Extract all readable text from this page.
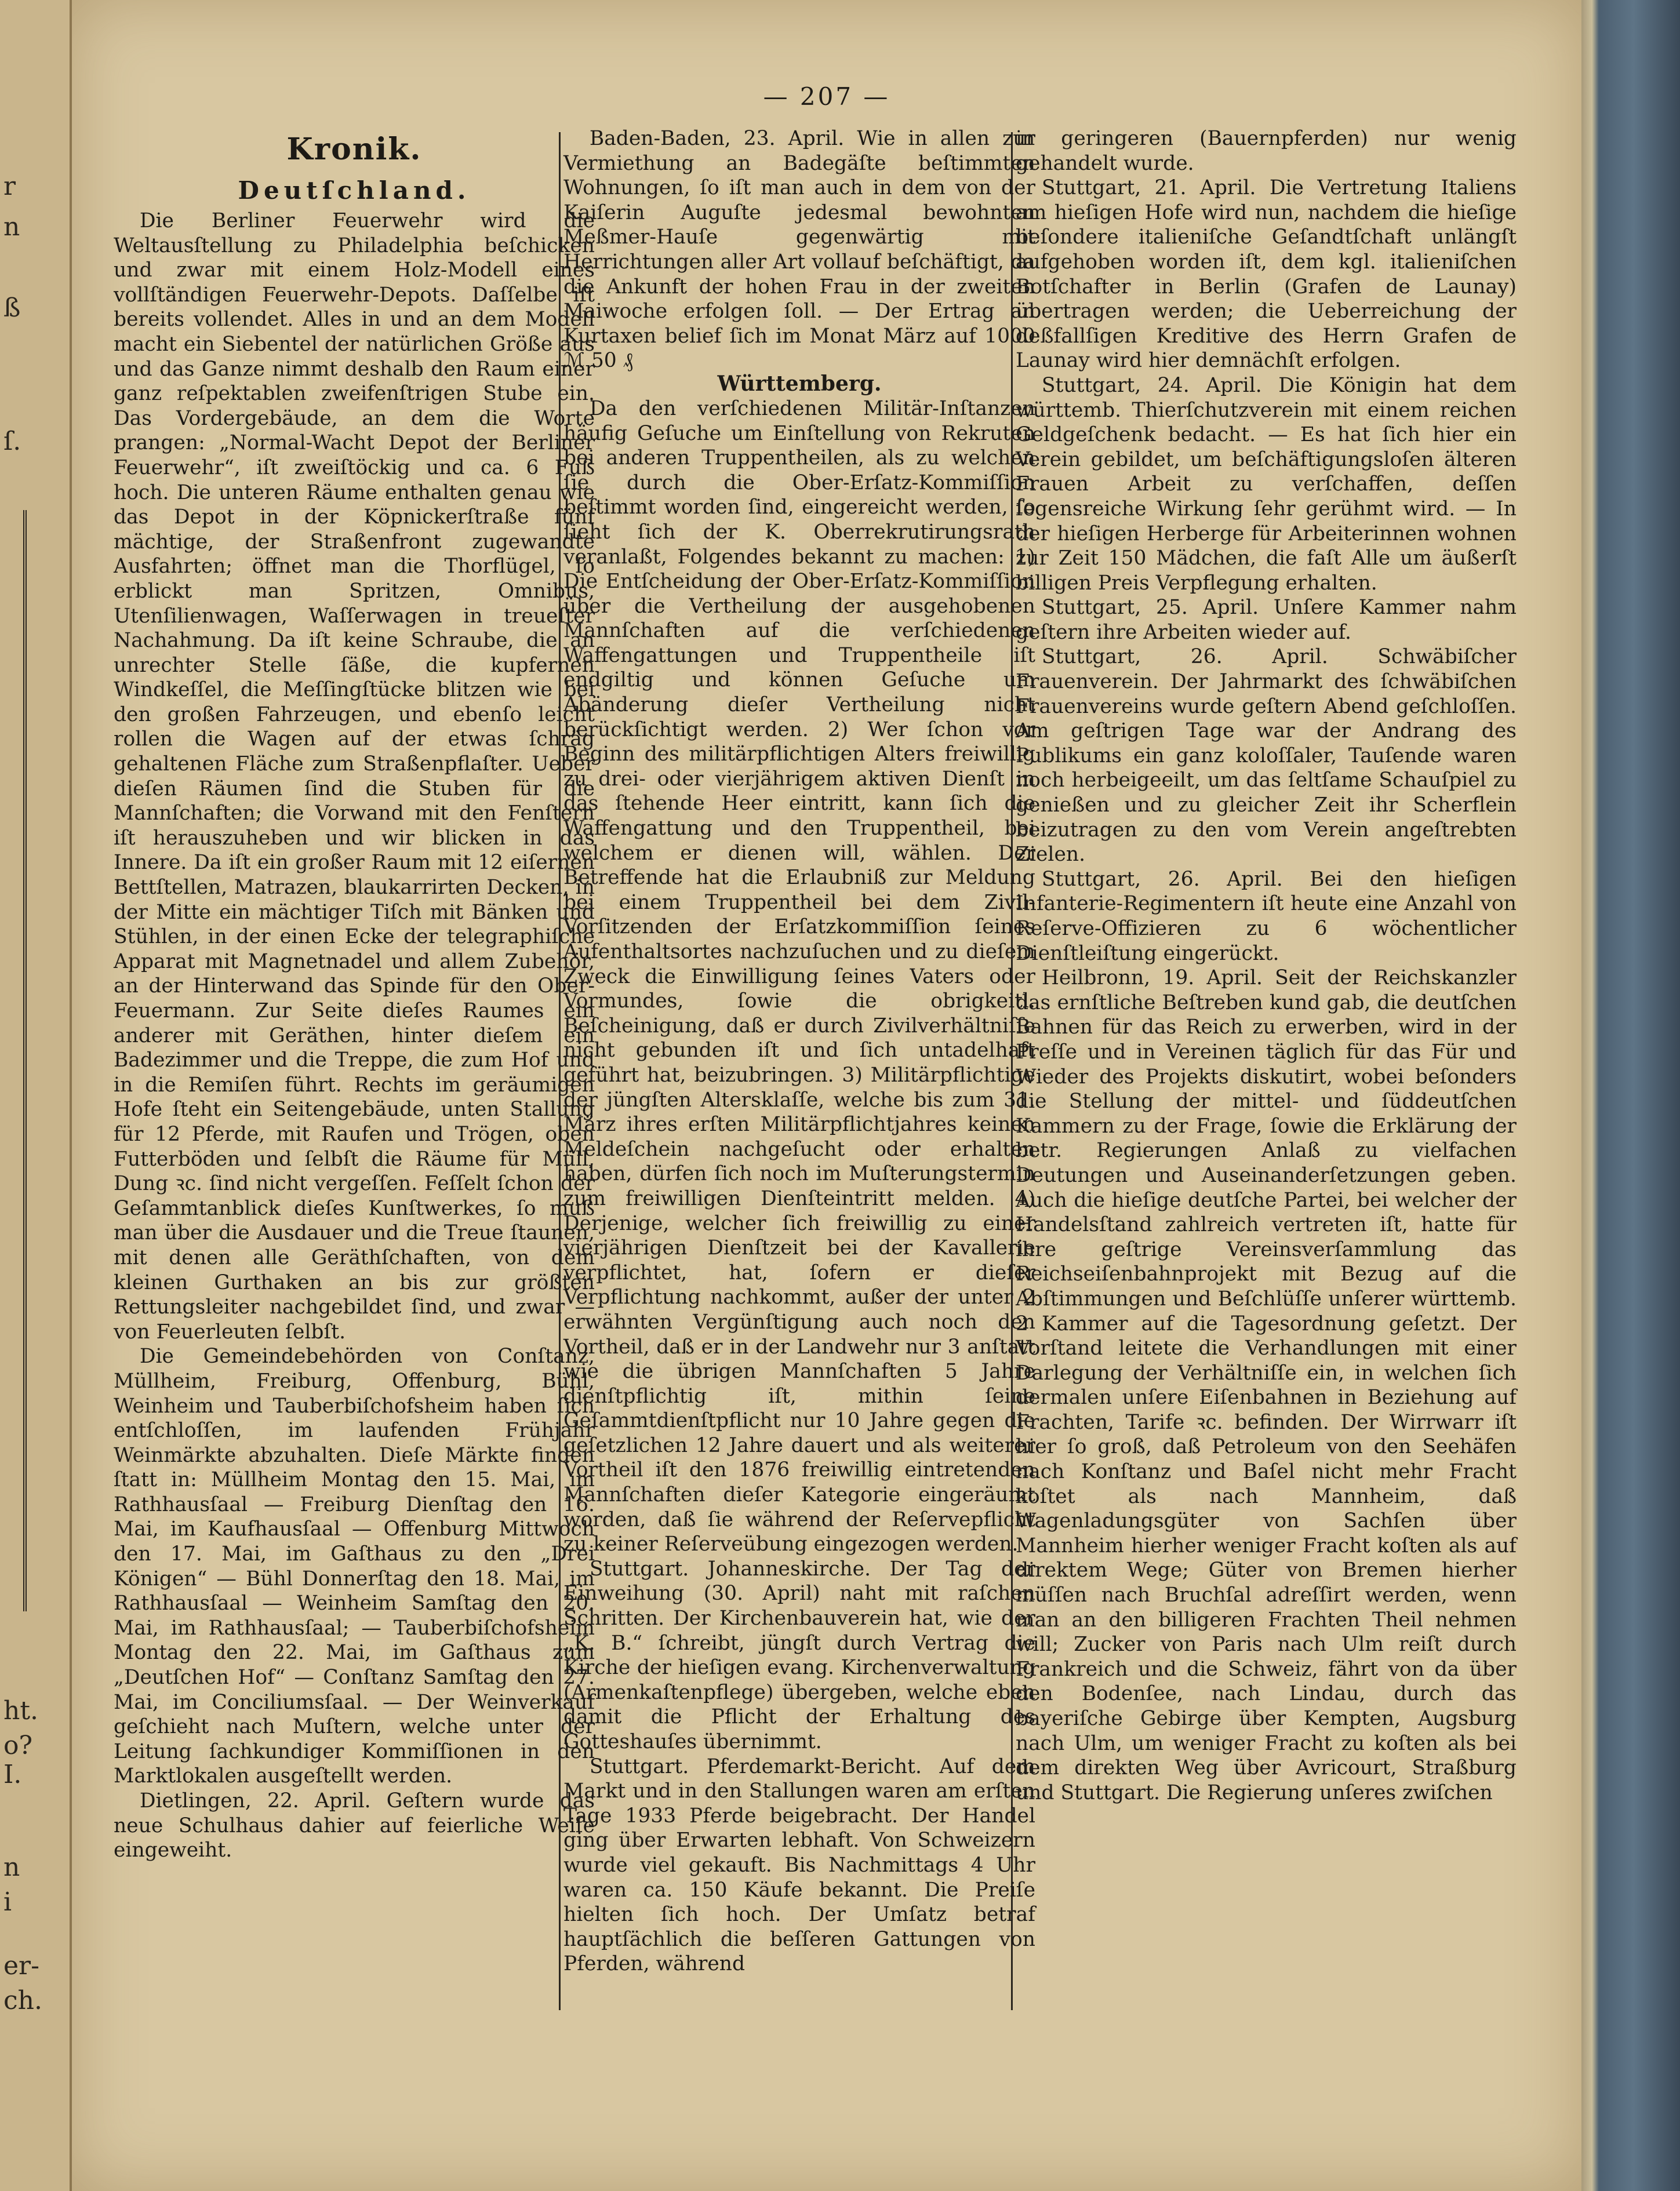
r
n
ß
ſ.
o?
ht.
I.
n
i
er-
ch.
— 207 —
Kronik.
Deutſchland.

Die Berliner Feuerwehr wird die Weltausſtellung zu Philadelphia beſchicken und zwar mit einem Holz-Modell eines vollſtändigen Feuerwehr-Depots. Daſſelbe iſt bereits vollendet. Alles in und an dem Modell macht ein Siebentel der natürlichen Größe aus und das Ganze nimmt deshalb den Raum einer ganz reſpektablen zweifenſtrigen Stube ein. Das Vordergebäude, an dem die Worte prangen: „Normal-Wacht Depot der Berliner Feuerwehr“, iſt zweiſtöckig und ca. 6 Fuß hoch. Die unteren Räume enthalten genau wie das Depot in der Köpnickerſtraße fünf mächtige, der Straßenfront zugewandte Ausfahrten; öffnet man die Thorflügel, ſo erblickt man Spritzen, Omnibus, Utenſilienwagen, Waſſerwagen in treueſter Nachahmung. Da iſt keine Schraube, die an unrechter Stelle ſäße, die kupfernen Windkeſſel, die Meſſingſtücke blitzen wie bei den großen Fahrzeugen, und ebenſo leicht rollen die Wagen auf der etwas ſchräg gehaltenen Fläche zum Straßenpflaſter. Ueber dieſen Räumen ſind die Stuben für die Mannſchaften; die Vorwand mit den Fenſtern iſt herauszuheben und wir blicken in das Innere. Da iſt ein großer Raum mit 12 eiſernen Bettſtellen, Matrazen, blaukarrirten Decken, in der Mitte ein mächtiger Tiſch mit Bänken und Stühlen, in der einen Ecke der telegraphiſche Apparat mit Magnetnadel und allem Zubehör, an der Hinterwand das Spinde für den Ober-Feuermann. Zur Seite dieſes Raumes ein anderer mit Geräthen, hinter dieſem ein Badezimmer und die Treppe, die zum Hof und in die Remiſen führt. Rechts im geräumigen Hofe ſteht ein Seitengebäude, unten Stallung für 12 Pferde, mit Raufen und Trögen, oben Futterböden und ſelbſt die Räume für Müll, Dung ꝛc. ſind nicht vergeſſen. Feſſelt ſchon der Geſammtanblick dieſes Kunſtwerkes, ſo muß man über die Ausdauer und die Treue ſtaunen, mit denen alle Geräthſchaften, von dem kleinen Gurthaken an bis zur größten Rettungsleiter nachgebildet ſind, und zwar — von Feuerleuten ſelbſt.

Die Gemeindebehörden von Conſtanz, Müllheim, Freiburg, Offenburg, Bühl, Weinheim und Tauberbiſchofsheim haben ſich entſchloſſen, im laufenden Frühjahr Weinmärkte abzuhalten. Dieſe Märkte finden ſtatt in: Müllheim Montag den 15. Mai, im Rathhausſaal — Freiburg Dienſtag den 16. Mai, im Kaufhausſaal — Offenburg Mittwoch den 17. Mai, im Gaſthaus zu den „Drei Königen“ — Bühl Donnerſtag den 18. Mai, im Rathhausſaal — Weinheim Samſtag den 20. Mai, im Rathhausſaal; — Tauberbiſchofsheim Montag den 22. Mai, im Gaſthaus zum „Deutſchen Hof“ — Conſtanz Samſtag den 27. Mai, im Conciliumsſaal. — Der Weinverkauf geſchieht nach Muſtern, welche unter der Leitung ſachkundiger Kommiſſionen in den Marktlokalen ausgeſtellt werden.

Dietlingen, 22. April. Geſtern wurde das neue Schulhaus dahier auf feierliche Weiſe eingeweiht.

Baden-Baden, 23. April. Wie in allen zur Vermiethung an Badegäſte beſtimmten Wohnungen, ſo iſt man auch in dem von der Kaiſerin Auguſte jedesmal bewohnten Meßmer-Hauſe gegenwärtig mit Herrichtungen aller Art vollauf beſchäftigt, da die Ankunft der hohen Frau in der zweiten Maiwoche erfolgen ſoll. — Der Ertrag an Kurtaxen belief ſich im Monat März auf 1000 ℳ 50 ₰

Württemberg.

Da den verſchiedenen Militär-Inſtanzen häufig Geſuche um Einſtellung von Rekruten bei anderen Truppentheilen, als zu welchen ſie durch die Ober-Erſatz-Kommiſſion beſtimmt worden ſind, eingereicht werden, ſo ſieht ſich der K. Oberrekrutirungsrath veranlaßt, Folgendes bekannt zu machen: 1) Die Entſcheidung der Ober-Erſatz-Kommiſſion über die Vertheilung der ausgehobenen Mannſchaften auf die verſchiedenen Waffengattungen und Truppentheile iſt endgiltig und können Geſuche um Abänderung dieſer Vertheilung nicht berückſichtigt werden. 2) Wer ſchon vor Beginn des militärpflichtigen Alters freiwillig zu drei- oder vierjährigem aktiven Dienſt in das ſtehende Heer eintritt, kann ſich die Waffengattung und den Truppentheil, bei welchem er dienen will, wählen. Der Betreffende hat die Erlaubniß zur Meldung bei einem Truppentheil bei dem Zivil-Vorſitzenden der Erſatzkommiſſion ſeines Aufenthaltsortes nachzuſuchen und zu dieſem Zweck die Einwilligung ſeines Vaters oder Vormundes, ſowie die obrigkeitl. Beſcheinigung, daß er durch Zivilverhältniſſe nicht gebunden iſt und ſich untadelhaft geführt hat, beizubringen. 3) Militärpflichtige der jüngſten Altersklaſſe, welche bis zum 31. März ihres erſten Militärpflichtjahres keinen Meldeſchein nachgeſucht oder erhalten haben, dürfen ſich noch im Muſterungstermin zum freiwilligen Dienſteintritt melden. 4) Derjenige, welcher ſich freiwillig zu einer vierjährigen Dienſtzeit bei der Kavallerie verpflichtet, hat, ſofern er dieſer Verpflichtung nachkommt, außer der unter 2 erwähnten Vergünſtigung auch noch den Vortheil, daß er in der Landwehr nur 3 anſtatt wie die übrigen Mannſchaften 5 Jahre dienſtpflichtig iſt, mithin ſeine Geſammtdienſtpflicht nur 10 Jahre gegen die geſetzlichen 12 Jahre dauert und als weiterer Vortheil iſt den 1876 freiwillig eintretenden Mannſchaften dieſer Kategorie eingeräumt worden, daß ſie während der Reſervepflicht zu keiner Reſerveübung eingezogen werden.

Stuttgart. Johanneskirche. Der Tag der Einweihung (30. April) naht mit raſchen Schritten. Der Kirchenbauverein hat, wie der „K. B.“ ſchreibt, jüngſt durch Vertrag die Kirche der hieſigen evang. Kirchenverwaltung (Armenkaſtenpflege) übergeben, welche eben damit die Pflicht der Erhaltung des Gotteshauſes übernimmt.

Stuttgart. Pferdemarkt-Bericht. Auf dem Markt und in den Stallungen waren am erſten Tage 1933 Pferde beigebracht. Der Handel ging über Erwarten lebhaft. Von Schweizern wurde viel gekauft. Bis Nachmittags 4 Uhr waren ca. 150 Käufe bekannt. Die Preiſe hielten ſich hoch. Der Umſatz betraf hauptſächlich die beſſeren Gattungen von Pferden, während

in geringeren (Bauernpferden) nur wenig gehandelt wurde.

Stuttgart, 21. April. Die Vertretung Italiens am hieſigen Hofe wird nun, nachdem die hieſige beſondere italieniſche Geſandtſchaft unlängſt aufgehoben worden iſt, dem kgl. italieniſchen Botſchafter in Berlin (Grafen de Launay) übertragen werden; die Ueberreichung der deßfallſigen Kreditive des Herrn Grafen de Launay wird hier demnächſt erfolgen.

Stuttgart, 24. April. Die Königin hat dem württemb. Thierſchutzverein mit einem reichen Geldgeſchenk bedacht. — Es hat ſich hier ein Verein gebildet, um beſchäftigungsloſen älteren Frauen Arbeit zu verſchaffen, deſſen ſegensreiche Wirkung ſehr gerühmt wird. — In der hieſigen Herberge für Arbeiterinnen wohnen zur Zeit 150 Mädchen, die faſt Alle um äußerſt billigen Preis Verpflegung erhalten.

Stuttgart, 25. April. Unſere Kammer nahm geſtern ihre Arbeiten wieder auf.

Stuttgart, 26. April. Schwäbiſcher Frauenverein. Der Jahrmarkt des ſchwäbiſchen Frauenvereins wurde geſtern Abend geſchloſſen. Am geſtrigen Tage war der Andrang des Publikums ein ganz koloſſaler, Tauſende waren noch herbeigeeilt, um das ſeltſame Schauſpiel zu genießen und zu gleicher Zeit ihr Scherflein beizutragen zu den vom Verein angeſtrebten Zielen.

Stuttgart, 26. April. Bei den hieſigen Infanterie-Regimentern iſt heute eine Anzahl von Reſerve-Offizieren zu 6 wöchentlicher Dienſtleiſtung eingerückt.

Heilbronn, 19. April. Seit der Reichskanzler das ernſtliche Beſtreben kund gab, die deutſchen Bahnen für das Reich zu erwerben, wird in der Preſſe und in Vereinen täglich für das Für und Wieder des Projekts diskutirt, wobei beſonders die Stellung der mittel- und ſüddeutſchen Kammern zu der Frage, ſowie die Erklärung der betr. Regierungen Anlaß zu vielfachen Deutungen und Auseinanderſetzungen geben. Auch die hieſige deutſche Partei, bei welcher der Handelsſtand zahlreich vertreten iſt, hatte für ihre geſtrige Vereinsverſammlung das Reichseiſenbahnprojekt mit Bezug auf die Abſtimmungen und Beſchlüſſe unſerer württemb. 2 Kammer auf die Tagesordnung geſetzt. Der Vorſtand leitete die Verhandlungen mit einer Darlegung der Verhältniſſe ein, in welchen ſich dermalen unſere Eiſenbahnen in Beziehung auf Frachten, Tarife ꝛc. befinden. Der Wirrwarr iſt hier ſo groß, daß Petroleum von den Seehäfen nach Konſtanz und Baſel nicht mehr Fracht koſtet als nach Mannheim, daß Wagenladungsgüter von Sachſen über Mannheim hierher weniger Fracht koſten als auf direktem Wege; Güter von Bremen hierher müſſen nach Bruchſal adreſſirt werden, wenn man an den billigeren Frachten Theil nehmen will; Zucker von Paris nach Ulm reiſt durch Frankreich und die Schweiz, fährt von da über den Bodenſee, nach Lindau, durch das bayeriſche Gebirge über Kempten, Augsburg nach Ulm, um weniger Fracht zu koſten als bei dem direkten Weg über Avricourt, Straßburg und Stuttgart. Die Regierung unſeres zwiſchen
